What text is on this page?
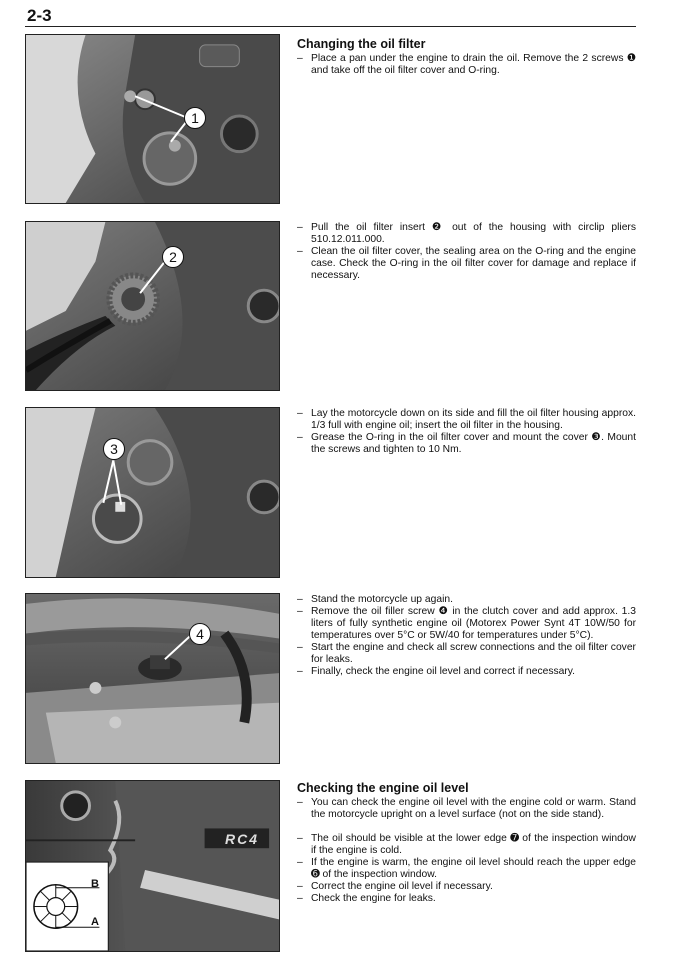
2-3
1
Changing the oil filter
– Place a pan under the engine to drain the oil. Remove the 2 screws ❶ and take off the oil filter cover and O-ring.
2
– Pull the oil filter insert ❷ out of the housing with circlip pliers 510.12.011.000.
– Clean the oil filter cover, the sealing area on the O-ring and the engine case. Check the O-ring in the oil filter cover for damage and replace if necessary.
3
– Lay the motorcycle down on its side and fill the oil filter housing approx. 1/3 full with engine oil; insert the oil filter in the housing.
– Grease the O-ring in the oil filter cover and mount the cover ❸. Mount the screws and tighten to 10 Nm.
4
– Stand the motorcycle up again.
– Remove the oil filler screw ❹ in the clutch cover and add approx. 1.3 liters of fully synthetic engine oil (Motorex Power Synt 4T 10W/50 for temperatures over 5°C or 5W/40 for temperatures under 5°C).
– Start the engine and check all screw connections and the oil filter cover for leaks.
– Finally, check the engine oil level and correct if necessary.
RC4
B
A
Checking the engine oil level
– You can check the engine oil level with the engine cold or warm. Stand the motorcycle upright on a level surface (not on the side stand).
– The oil should be visible at the lower edge ➐ of the inspection window if the engine is cold.
– If the engine is warm, the engine oil level should reach the upper edge ➏ of the inspection window.
– Correct the engine oil level if necessary.
– Check the engine for leaks.
